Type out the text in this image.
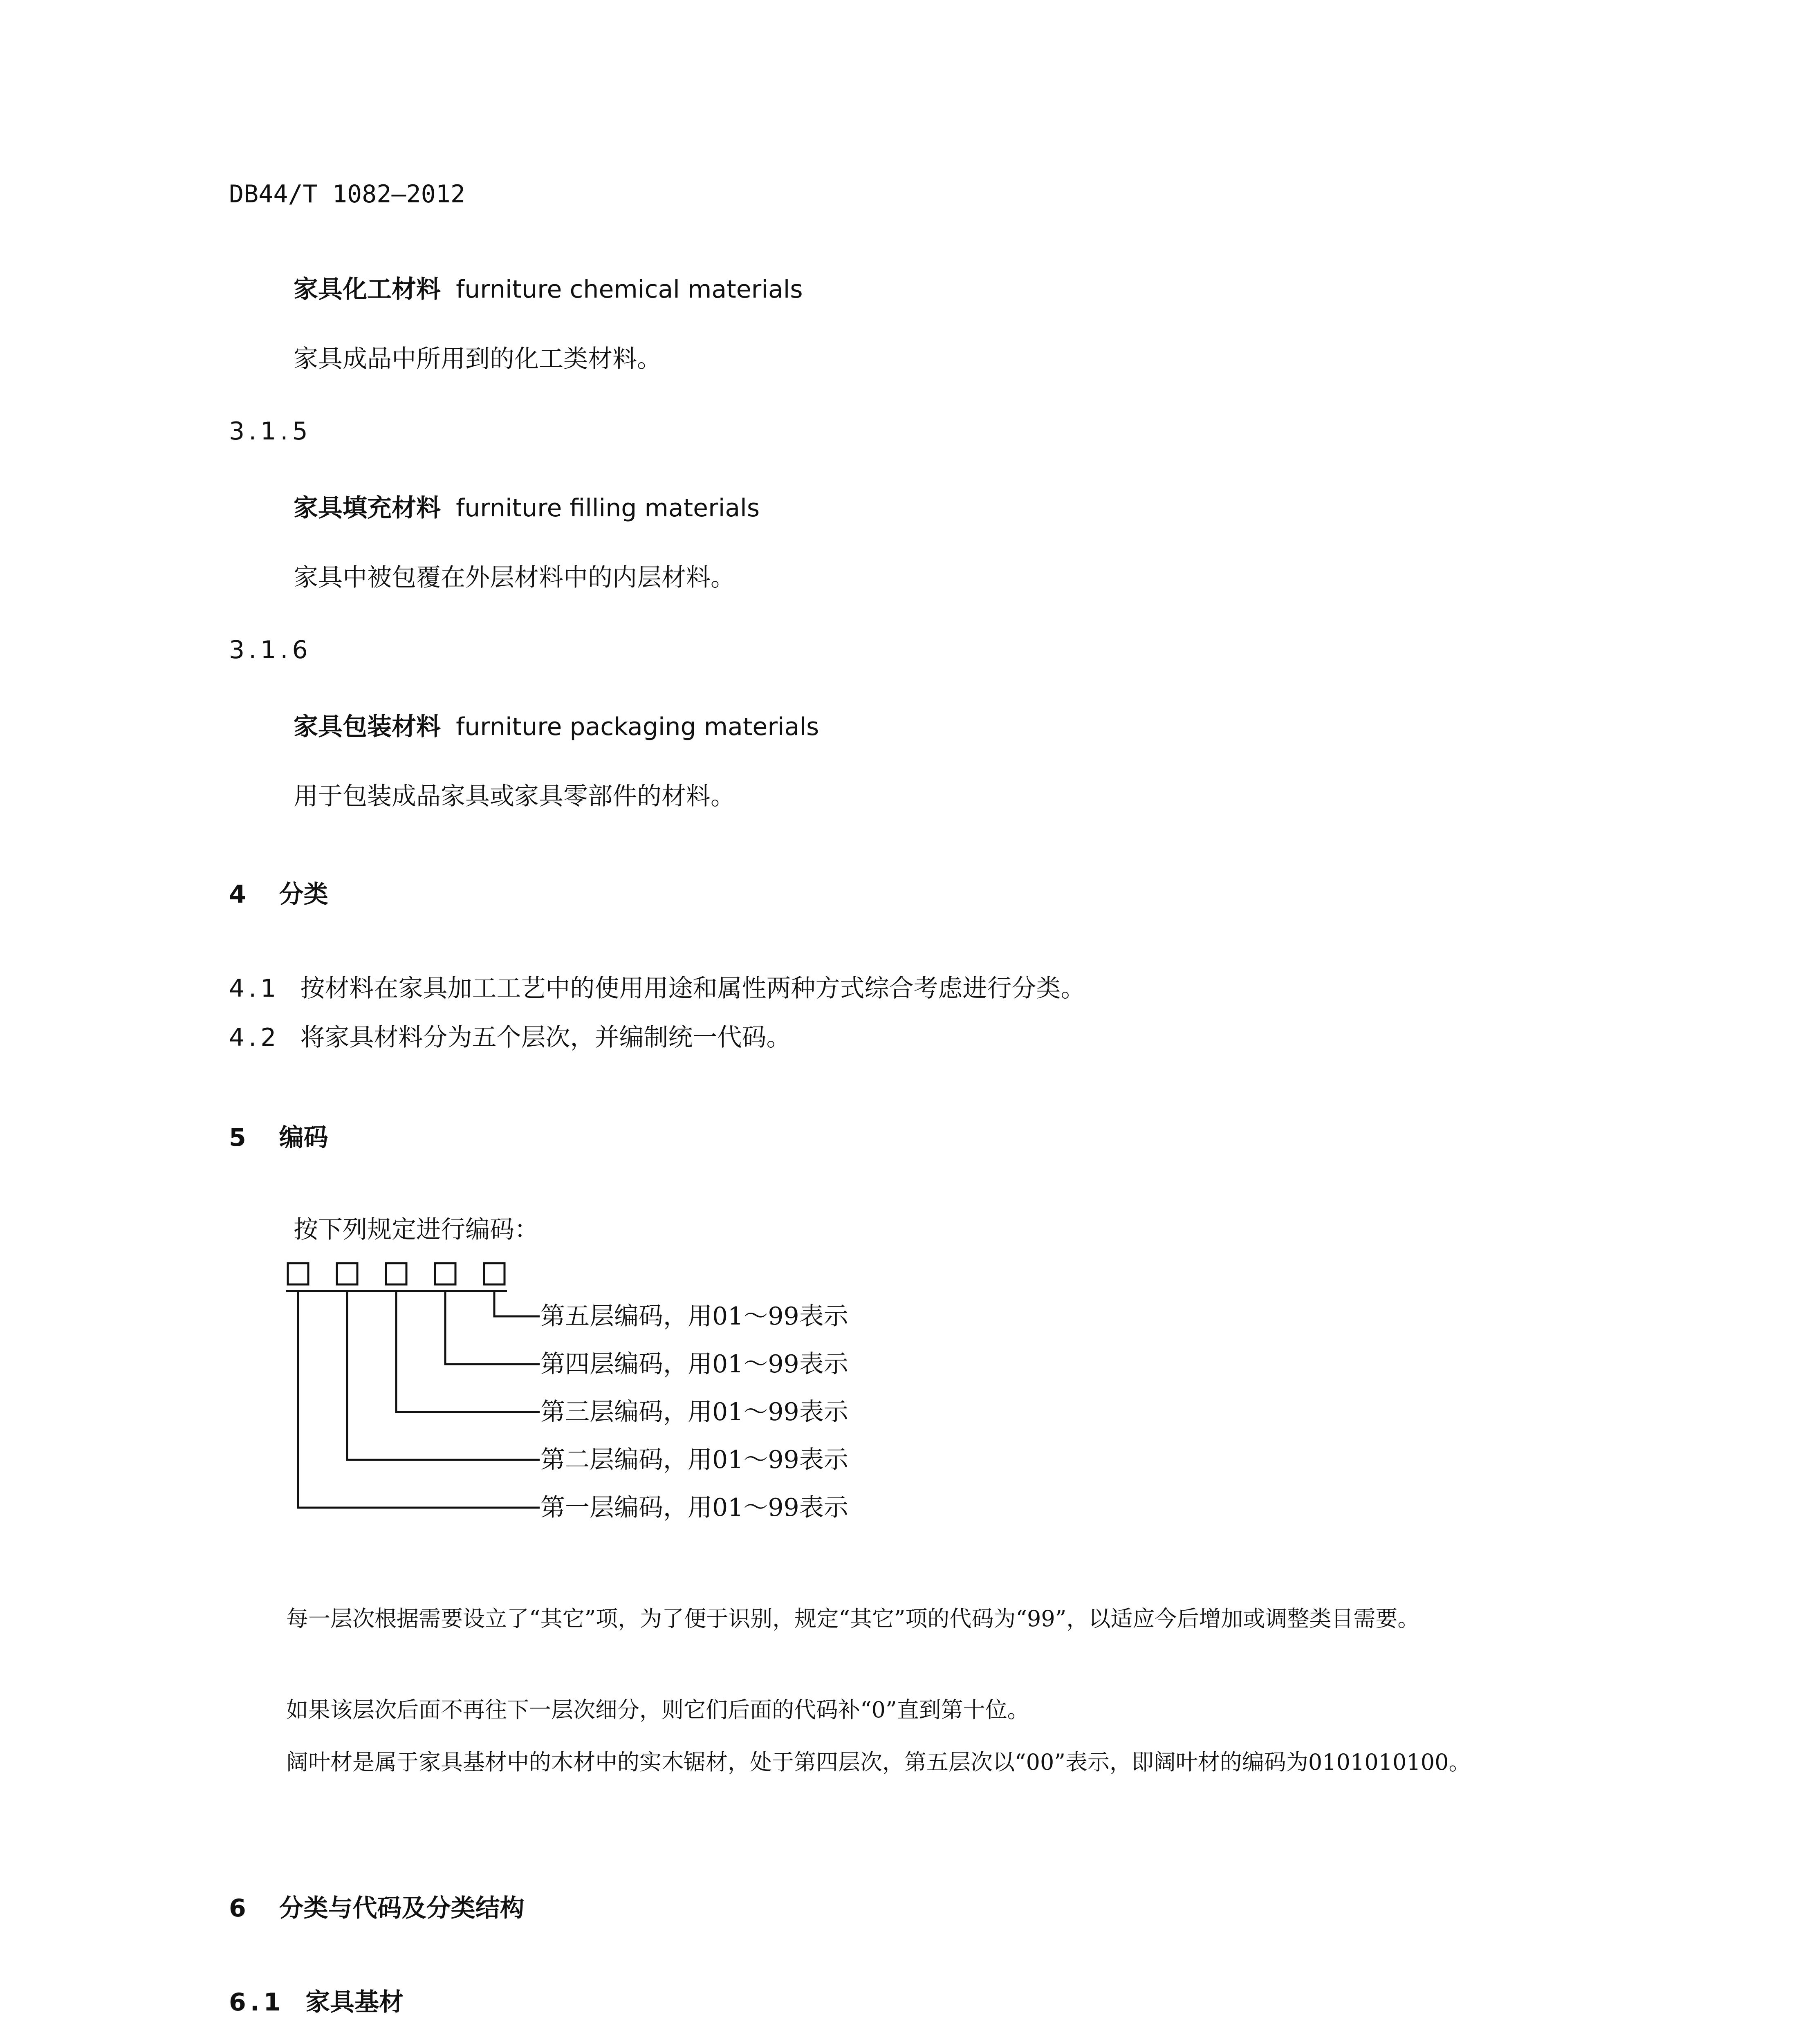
DB44/T 1082—2012
家具化工材料 furniture chemical materials
家具成品中所用到的化工类材料。
3.1.5
家具填充材料 furniture filling materials
家具中被包覆在外层材料中的内层材料。
3.1.6
家具包装材料 furniture packaging materials
用于包装成品家具或家具零部件的材料。
4 分类
4.1 按材料在家具加工工艺中的使用用途和属性两种方式综合考虑进行分类。
4.2 将家具材料分为五个层次，并编制统一代码。
5 编码
按下列规定进行编码：
第五层编码，用01～99表示
第四层编码，用01～99表示
第三层编码，用01～99表示
第二层编码，用01～99表示
第一层编码，用01～99表示
每一层次根据需要设立了“其它”项，为了便于识别，规定“其它”项的代码为“99”，以适应今后增加或调整类目需要。
如果该层次后面不再往下一层次细分，则它们后面的代码补“0”直到第十位。
阔叶材是属于家具基材中的木材中的实木锯材，处于第四层次，第五层次以“00”表示，即阔叶材的编码为0101010100。
6 分类与代码及分类结构
6.1 家具基材
